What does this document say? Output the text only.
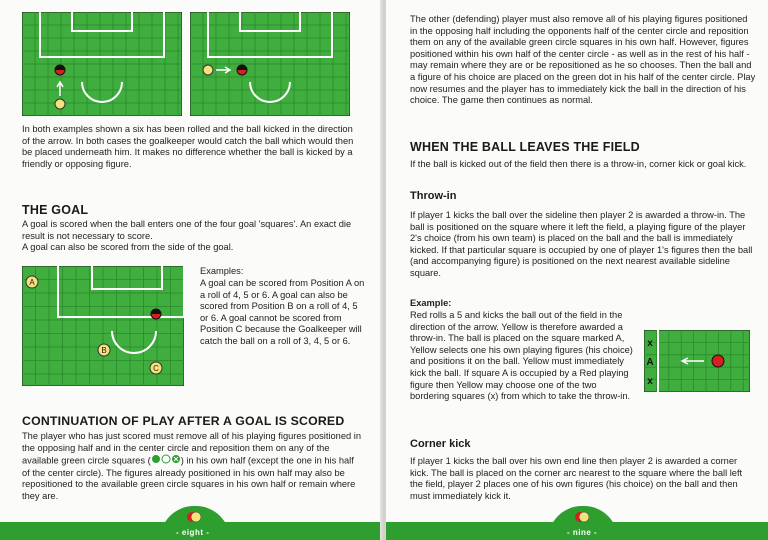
In both examples shown a six has been rolled and the ball kicked in the direction of the arrow. In both cases the goalkeeper would catch the ball which would then be placed underneath him. It makes no difference whether the ball is kicked by a friendly or opposing figure.
THE GOAL
A goal is scored when the ball enters one of the four goal 'squares'. An exact die result is not necessary to score.
A goal can also be scored from the side of the goal.
A
B
C
Examples:
A goal can be scored from Position A on a roll of 4, 5 or 6. A goal can also be scored from Position B on a roll of 4, 5 or 6. A goal cannot be scored from Position C because the Goalkeeper will catch the ball on a roll of 3, 4, 5 or 6.
CONTINUATION OF PLAY AFTER A GOAL IS SCORED
The player who has just scored must remove all of his playing figures positioned in the opposing half and in the center circle and reposition them on any of the available green circle squares (	) in his own half (except the one in his half of the center circle). The figures already positioned in his own half may also be repositioned to the available green circle squares in his own half or remain where they are.
- eight -
The other (defending) player must also remove all of his playing figures positioned in the opposing half including the opponents half of the center circle and reposition them on any of the available green circle squares in his own half. However, figures positioned within his own half of the center circle - as well as in the rest of his half - may remain where they are or be repositioned as he so chooses. Then the ball and a figure of his choice are placed on the green dot in his half of the center circle. Play now resumes and the player has to immediately kick the ball in the direction of his choice. The game then continues as normal.
WHEN THE BALL LEAVES THE FIELD
If the ball is kicked out of the field then there is a throw-in, corner kick or goal kick.
Throw-in
If player 1 kicks the ball over the sideline then player 2 is awarded a throw-in. The ball is positioned on the square where it left the field, a playing figure of the player 2's choice (from his own team) is placed on the ball and the ball is immediately kicked. If that particular square is occupied by one of player 1's figures then the ball (and accompanying figure) is positioned on the next nearest available sideline square.
Example:
Red rolls a 5 and kicks the ball out of the field in the direction of the arrow. Yellow is therefore awarded a throw-in. The ball is placed on the square marked A, Yellow selects one his own playing figures (his choice) and positions it on the ball. Yellow must immediately kick the ball. If square A is occupied by a Red playing figure then Yellow may choose one of the two bordering squares (x) from which to take the throw-in.
x
A
x
Corner kick
If player 1 kicks the ball over his own end line then player 2 is awarded a corner kick. The ball is placed on the corner arc nearest to the square where the ball left the field, player 2 places one of his own figures (his choice) on the ball and then must immediately kick it.
- nine -
